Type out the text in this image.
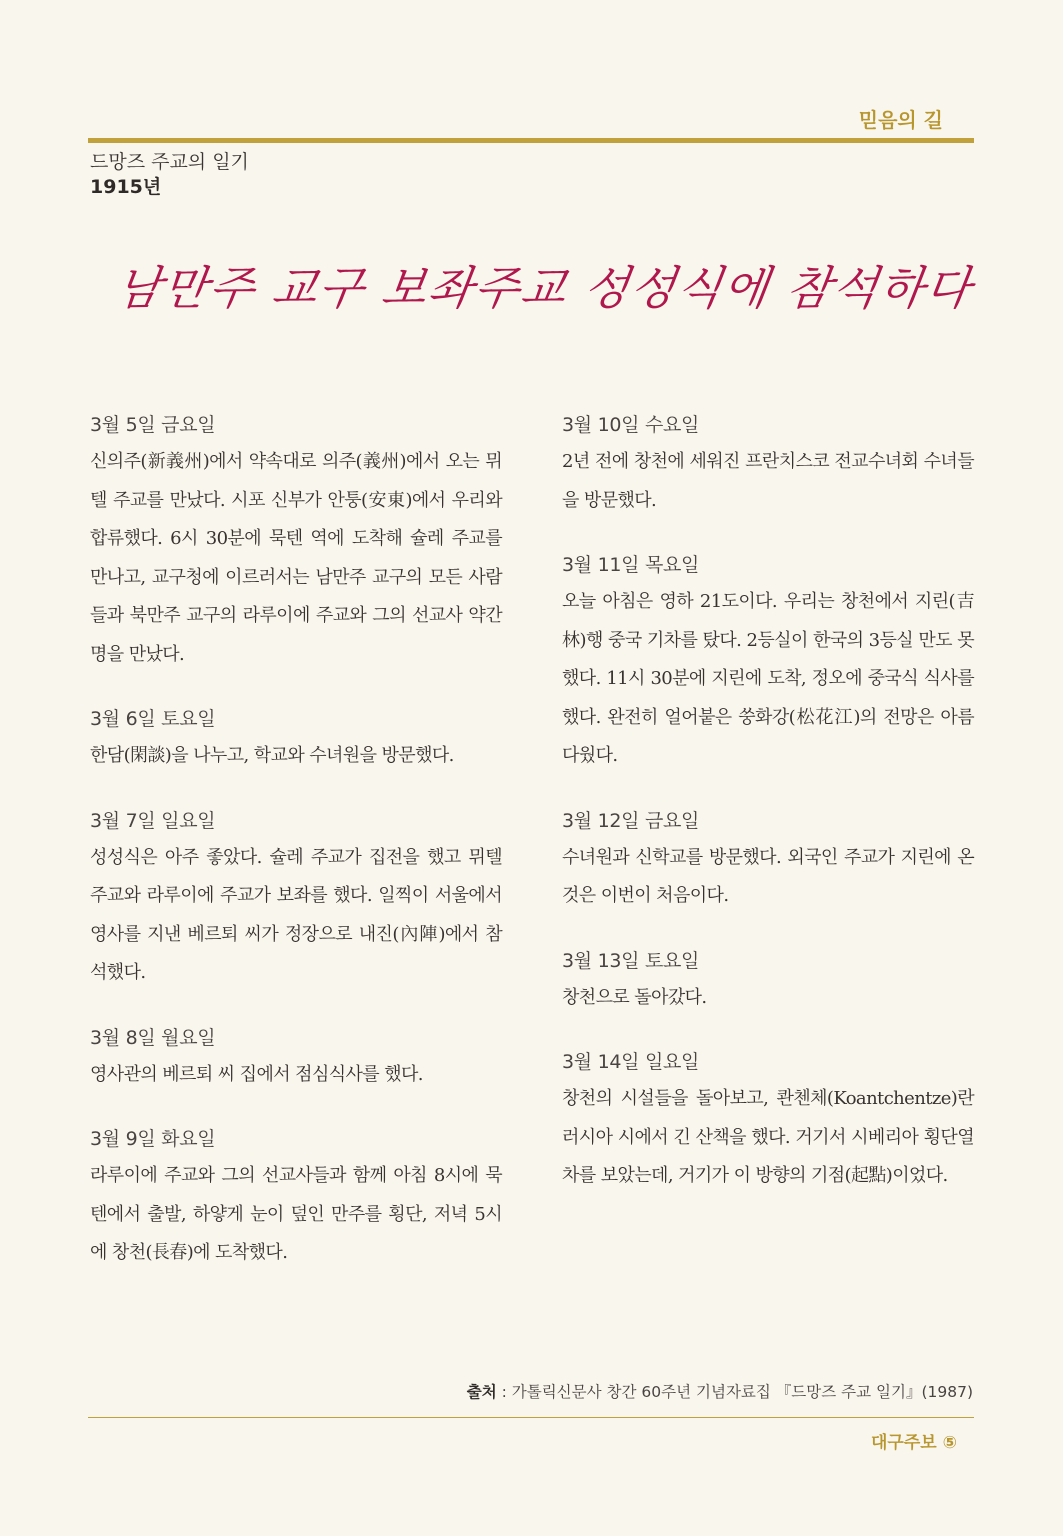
믿음의 길
드망즈 주교의 일기
1915년
남만주 교구 보좌주교 성성식에 참석하다
3월 5일 금요일
신의주(新義州)에서 약속대로 의주(義州)에서 오는 뮈텔 주교를 만났다. 시포 신부가 안퉁(安東)에서 우리와 합류했다. 6시 30분에 묵텐 역에 도착해 슐레 주교를 만나고, 교구청에 이르러서는 남만주 교구의 모든 사람들과 북만주 교구의 라루이에 주교와 그의 선교사 약간 명을 만났다.
3월 6일 토요일
한담(閑談)을 나누고, 학교와 수녀원을 방문했다.
3월 7일 일요일
성성식은 아주 좋았다. 슐레 주교가 집전을 했고 뮈텔 주교와 라루이에 주교가 보좌를 했다. 일찍이 서울에서 영사를 지낸 베르퇴 씨가 정장으로 내진(內陣)에서 참석했다.
3월 8일 월요일
영사관의 베르퇴 씨 집에서 점심식사를 했다.
3월 9일 화요일
라루이에 주교와 그의 선교사들과 함께 아침 8시에 묵텐에서 출발, 하얗게 눈이 덮인 만주를 횡단, 저녁 5시에 창천(長春)에 도착했다.
3월 10일 수요일
2년 전에 창천에 세워진 프란치스코 전교수녀회 수녀들을 방문했다.
3월 11일 목요일
오늘 아침은 영하 21도이다. 우리는 창천에서 지린(吉林)행 중국 기차를 탔다. 2등실이 한국의 3등실 만도 못했다. 11시 30분에 지린에 도착, 정오에 중국식 식사를 했다. 완전히 얼어붙은 쑹화강(松花江)의 전망은 아름다웠다.
3월 12일 금요일
수녀원과 신학교를 방문했다. 외국인 주교가 지린에 온 것은 이번이 처음이다.
3월 13일 토요일
창천으로 돌아갔다.
3월 14일 일요일
창천의 시설들을 돌아보고, 콴첸체(Koantchentze)란 러시아 시에서 긴 산책을 했다. 거기서 시베리아 횡단열차를 보았는데, 거기가 이 방향의 기점(起點)이었다.
출처 : 가톨릭신문사 창간 60주년 기념자료집 『드망즈 주교 일기』(1987)
대구주보 ⑤
